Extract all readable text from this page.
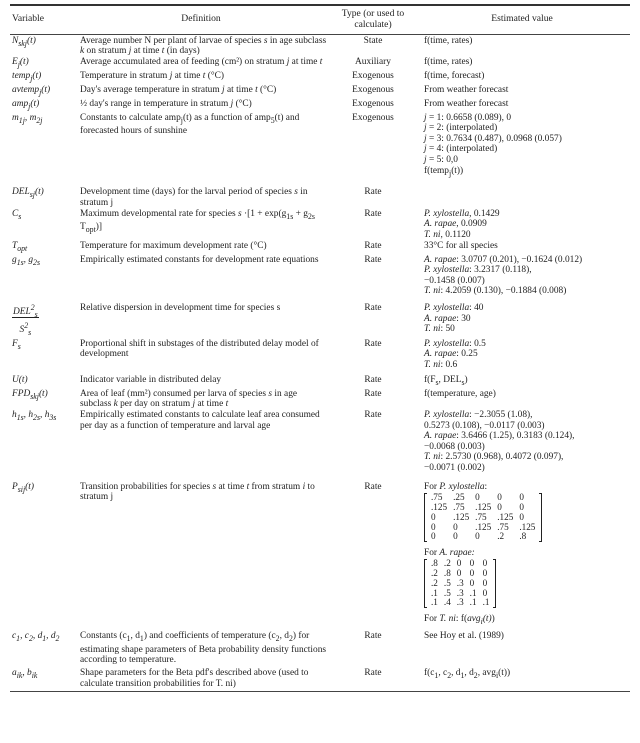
Variable	Definition	Type (or used to calculate)	Estimated value
$N_{skj}(t)$	Average number N per plant of larvae of species s in age subclass k on stratum j at time t (in days)	State	f(time, rates)

$E_j(t)$	Average accumulated area of feeding (cm²) on stratum j at time t	Auxiliary	f(time, rates)

temp$_j$(t)	Temperature in stratum j at time t (°C)	Exogenous	f(time, forecast)

avtemp$_j$(t)	Day's average temperature in stratum j at time t (°C)	Exogenous	From weather forecast

amp$_j$(t)	½ day's range in temperature in stratum j (°C)	Exogenous	From weather forecast

$m_{1j}$, $m_{2j}$	Constants to calculate amp$_j$(t) as a function of amp$_5$(t) and forecasted hours of sunshine	Exogenous	j = 1: 0.6658 (0.089), 0
j = 2: (interpolated)
j = 3: 0.7634 (0.487), 0.0968 (0.057)
j = 4: (interpolated)
j = 5: 0,0

f(temp$_j$(t))

$DEL_{sj}(t)$	Development time (days) for the larval period of species s in stratum j	Rate	
$C_s$	Maximum developmental rate for species $s \cdot[1 + \exp(g_{1s} + g_{2s}$ $T_{opt}$)]	Rate	P. xylostella, 0.1429
A. rapae, 0.0909
T. ni, 0.1120

$T_{opt}$	Temperature for maximum development rate (°C)	Rate	33°C for all species

$g_{1s}$, $g_{2s}$	Empirically estimated constants for development rate equations	Rate	A. rapae: 3.0707 (0.201), −0.1624 (0.012)
P. xylostella: 3.2317 (0.118),
−0.1458 (0.007)
T. ni: 4.2059 (0.130), −0.1884 (0.008)

$\frac{DEL^2_s}{S^2_s}$	Relative dispersion in development time for species s	Rate	P. xylostella: 40
A. rapae: 30
T. ni: 50

$F_s$	Proportional shift in substages of the distributed delay model of development	Rate	P. xylostella: 0.5
A. rapae: 0.25
T. ni: 0.6

U(t)	Indicator variable in distributed delay	Rate	$f(F_s$, $DEL_s$)

$FPD_{skj}(t)$	Area of leaf (mm²) consumed per larva of species s in age subclass k per day on stratum j at time t	Rate	f(temperature, age)

$h_{1s}$, $h_{2s}$, $h_{3s}$	Empirically estimated constants to calculate leaf area consumed per day as a function of temperature and larval age	Rate	P. xylostella: −2.3055 (1.08),
0.5273 (0.108), −0.0117 (0.003)
A. rapae: 3.6466 (1.25), 0.3183 (0.124),
−0.0068 (0.003)
T. ni: 2.5730 (0.968), 0.4072 (0.097),
−0.0071 (0.002)

$P_{sij}(t)$	Transition probabilities for species s at time t from stratum i to stratum j	Rate	For P. xylostella:
.75	.25	0	0	0
.125	.75	.125	0	0
0	.125	.75	.125	0
0	0	.125	.75	.125
0	0	0	.2	.8
For A. rapae:
.8	.2	0	0	0
.2	.8	0	0	0
.2	.5	.3	0	0
.1	.5	.3	.1	0
.1	.4	.3	.1	.1
For T. ni: f(avg$_i$(t))

$c_1$, $c_2$, $d_1$, $d_2$	Constants ($c_1$, $d_1$) and coefficients of temperature ($c_2$, $d_2$) for estimating shape parameters of Beta probability density functions according to temperature.	Rate	See Hoy et al. (1989)

$a_{ik}$, $b_{ik}$	Shape parameters for the Beta pdf's described above (used to calculate transition probabilities for T. ni)	Rate	$f(c_1$, $c_2$, $d_1$, $d_2$, avg$_i$(t))
